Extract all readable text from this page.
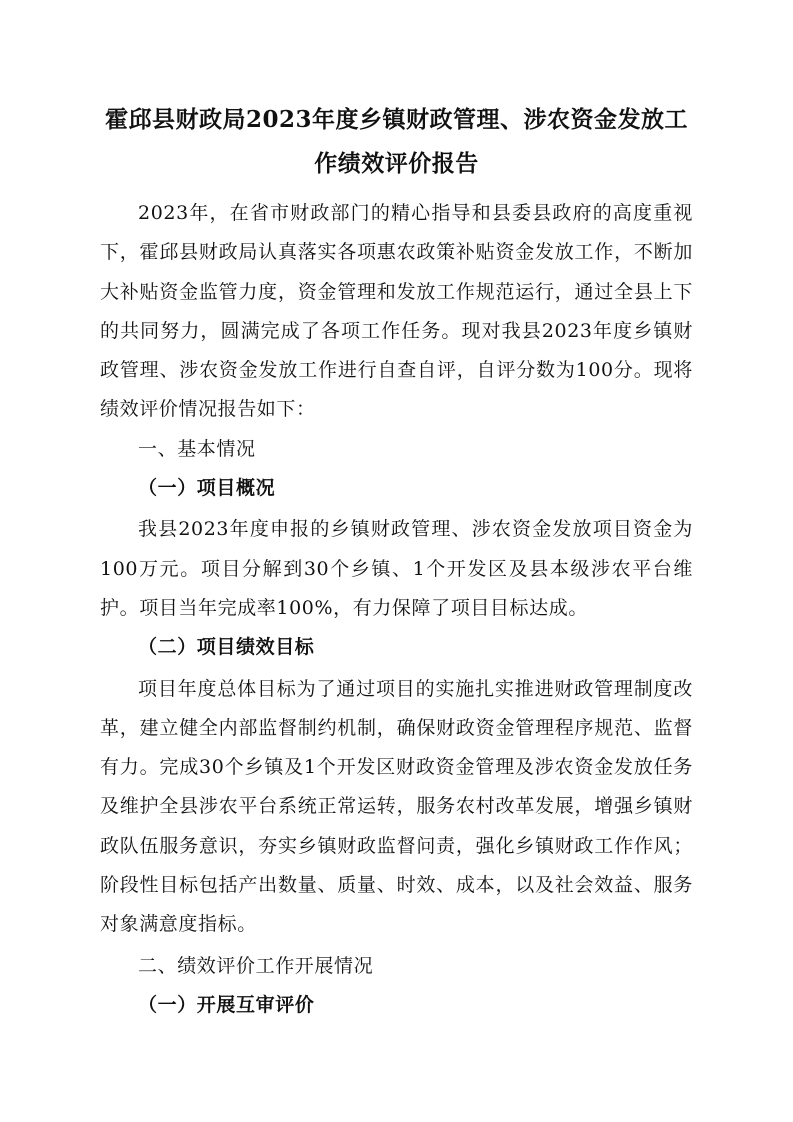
霍邱县财政局2023年度乡镇财政管理、涉农资金发放工
作绩效评价报告

2023年，在省市财政部门的精心指导和县委县政府的高度重视下，霍邱县财政局认真落实各项惠农政策补贴资金发放工作，不断加大补贴资金监管力度，资金管理和发放工作规范运行，通过全县上下的共同努力，圆满完成了各项工作任务。现对我县2023年度乡镇财政管理、涉农资金发放工作进行自查自评，自评分数为100分。现将绩效评价情况报告如下：

一、基本情况
（一）项目概况

我县2023年度申报的乡镇财政管理、涉农资金发放项目资金为100万元。项目分解到30个乡镇、1个开发区及县本级涉农平台维护。项目当年完成率100%，有力保障了项目目标达成。

（二）项目绩效目标

项目年度总体目标为了通过项目的实施扎实推进财政管理制度改革，建立健全内部监督制约机制，确保财政资金管理程序规范、监督有力。完成30个乡镇及1个开发区财政资金管理及涉农资金发放任务及维护全县涉农平台系统正常运转，服务农村改革发展，增强乡镇财政队伍服务意识，夯实乡镇财政监督问责，强化乡镇财政工作作风；阶段性目标包括产出数量、质量、时效、成本，以及社会效益、服务对象满意度指标。

二、绩效评价工作开展情况
（一）开展互审评价
